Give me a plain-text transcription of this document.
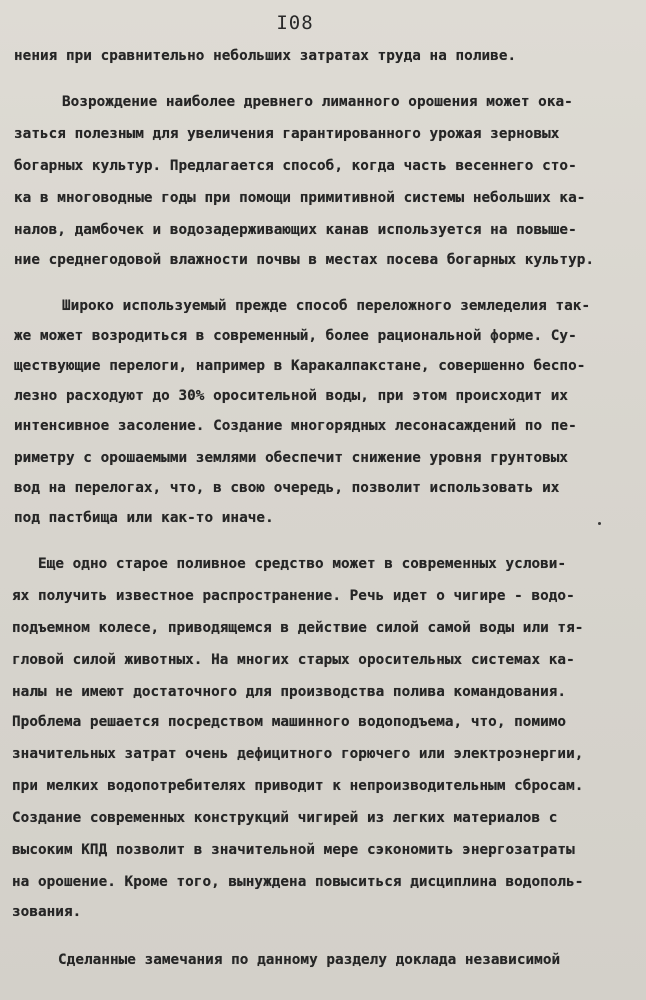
I08

нения при сравнительно небольших затратах труда на поливе.

Возрождение наиболее древнего лиманного орошения может ока-

заться полезным для увеличения гарантированного урожая зерновых

богарных культур. Предлагается способ, когда часть весеннего сто-

ка в многоводные годы при помощи примитивной системы небольших ка-

налов, дамбочек и водозадерживающих канав используется на повыше-

ние среднегодовой влажности почвы в местах посева богарных культур.

Широко используемый прежде способ переложного земледелия так-

же может возродиться в современный, более рациональной форме. Су-

ществующие перелоги, например в Каракалпакстане, совершенно беспо-

лезно расходуют до 30% оросительной воды, при этом происходит их

интенсивное засоление. Создание многорядных лесонасаждений по пе-

риметру с орошаемыми землями обеспечит снижение уровня грунтовых

вод на перелогах, что, в свою очередь, позволит использовать их

под пастбища или как-то иначе.

Еще одно старое поливное средство может в современных услови-

ях получить известное распространение. Речь идет о чигире - водо-

подъемном колесе, приводящемся в действие силой самой воды или тя-

гловой силой животных. На многих старых оросительных системах ка-

налы не имеют достаточного для производства полива командования.

Проблема решается посредством машинного водоподъема, что, помимо

значительных затрат очень дефицитного горючего или электроэнергии,

при мелких водопотребителях приводит к непроизводительным сбросам.

Создание современных конструкций чигирей из легких материалов с

высоким КПД позволит в значительной мере сэкономить энергозатраты

на орошение. Кроме того, вынуждена повыситься дисциплина водополь-

зования.

Сделанные замечания по данному разделу доклада независимой
